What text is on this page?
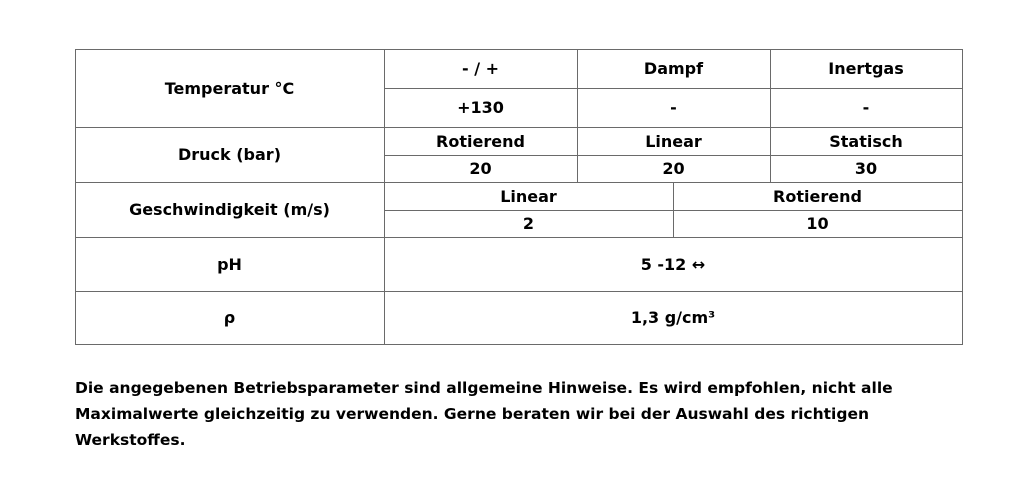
Temperatur °C
- / +	Dampf	Inertgas
+130	-	-
Druck (bar)
Rotierend	Linear	Statisch
20	20	30
Geschwindigkeit (m/s)
Linear	Rotierend
2	10
pH	5 -12 ↔
ρ	1,3 g/cm³
Die angegebenen Betriebsparameter sind allgemeine Hinweise. Es wird empfohlen, nicht alle
Maximalwerte gleichzeitig zu verwenden. Gerne beraten wir bei der Auswahl des richtigen
Werkstoffes.
